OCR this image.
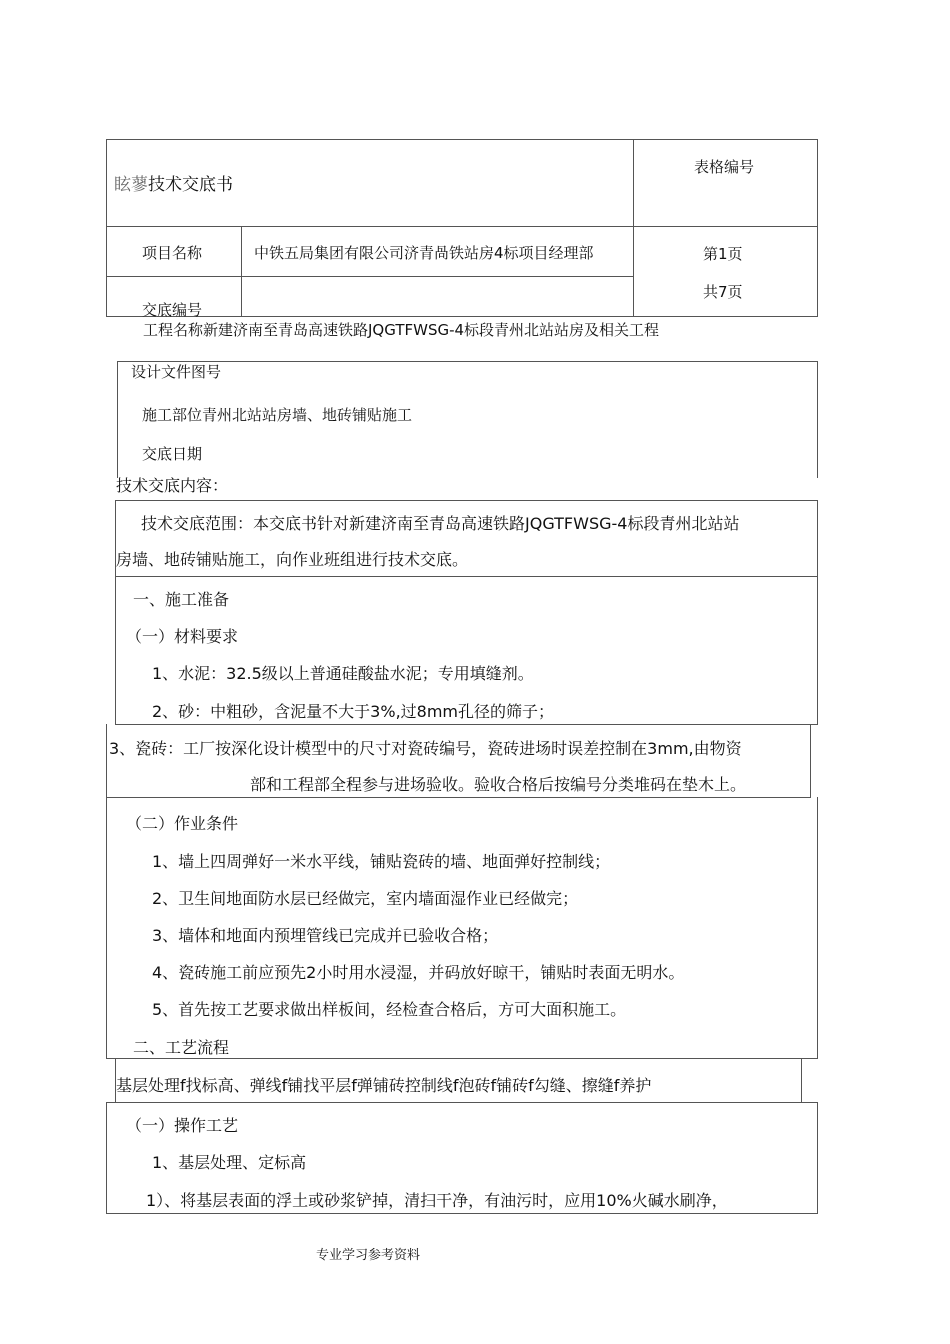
眩蓼技术交底书
表格编号
项目名称	中铁五局集团有限公司济青咼铁站房4标项目经理部	第1页
共7页
交底编号
工程名称新建济南至青岛高速铁路JQGTFWSG-4标段青州北站站房及相关工程
设计文件图号
施工部位青州北站站房墙、地砖铺贴施工
交底日期
技术交底内容：
技术交底范围：本交底书针对新建济南至青岛高速铁路JQGTFWSG-4标段青州北站站
房墙、地砖铺贴施工，向作业班组进行技术交底。
一、施工准备
（一）材料要求
1、水泥：32.5级以上普通硅酸盐水泥；专用填缝剂。
2、砂：中粗砂，含泥量不大于3%,过8mm孔径的筛子；
3、瓷砖：工厂按深化设计模型中的尺寸对瓷砖编号，瓷砖进场时误差控制在3mm,由物资
部和工程部全程参与进场验收。验收合格后按编号分类堆码在垫木上。
（二）作业条件
1、墙上四周弹好一米水平线，铺贴瓷砖的墙、地面弹好控制线；
2、卫生间地面防水层已经做完，室内墙面湿作业已经做完；
3、墙体和地面内预埋管线已完成并已验收合格；
4、瓷砖施工前应预先2小时用水浸湿，并码放好晾干，铺贴时表面无明水。
5、首先按工艺要求做出样板间，经检查合格后，方可大面积施工。
二、工艺流程
基层处理f找标高、弹线f铺找平层f弹铺砖控制线f泡砖f铺砖f勾缝、擦缝f养护
（一）操作工艺
1、基层处理、定标高
1）、将基层表面的浮土或砂浆铲掉，清扫干净，有油污时，应用10%火碱水刷净，
专业学习参考资料
